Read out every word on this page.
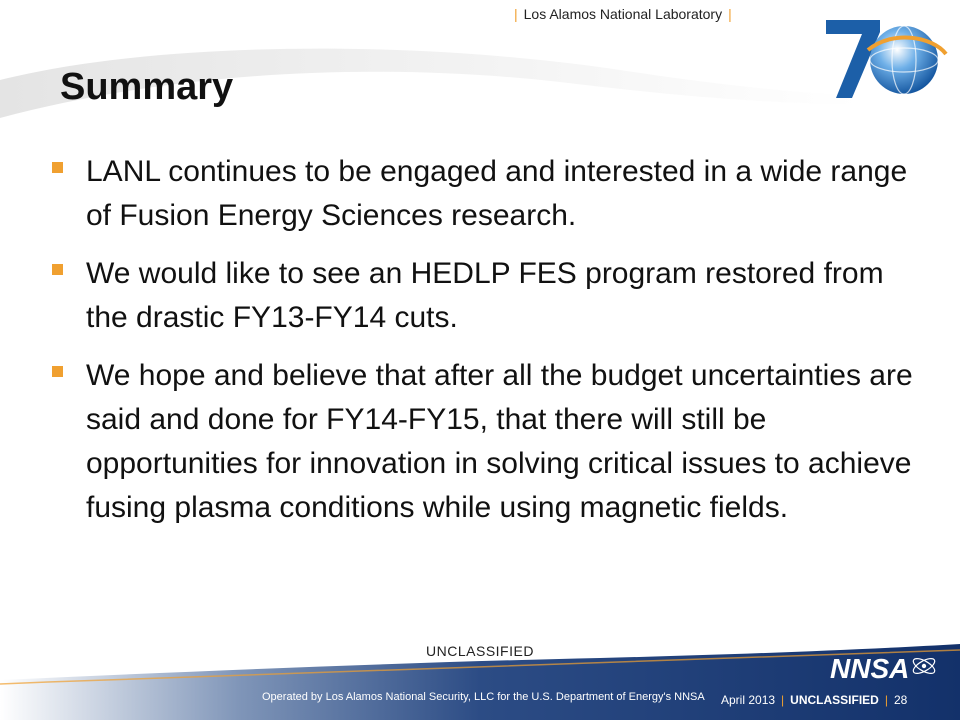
| Los Alamos National Laboratory |
Summary
LANL continues to be engaged and interested in a wide range of Fusion Energy Sciences research.
We would like to see an HEDLP FES program restored from the drastic FY13-FY14 cuts.
We hope and believe that after all the budget uncertainties are said and done for FY14-FY15, that there will still be opportunities for innovation in solving critical issues to achieve fusing plasma conditions while using magnetic fields.
UNCLASSIFIED
Operated by Los Alamos National Security, LLC for the U.S. Department of Energy's NNSA April 2013 | UNCLASSIFIED | 28
NNSA
